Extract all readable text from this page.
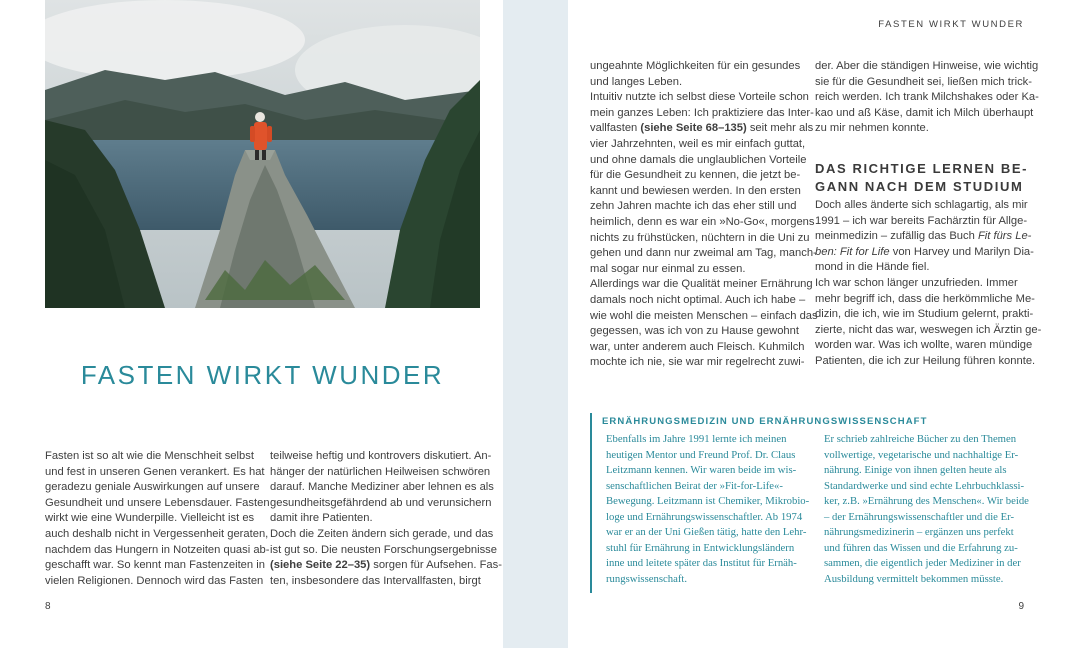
FASTEN WIRKT WUNDER
Fasten ist so alt wie die Menschheit selbst
und fest in unseren Genen verankert. Es hat
geradezu geniale Auswirkungen auf unsere
Gesundheit und unsere Lebensdauer. Fasten
wirkt wie eine Wunderpille. Vielleicht ist es
auch deshalb nicht in Vergessenheit geraten,
nachdem das Hungern in Notzeiten quasi ab-
geschafft war. So kennt man Fastenzeiten in
vielen Religionen. Dennoch wird das Fasten
teilweise heftig und kontrovers diskutiert. An-
hänger der natürlichen Heilweisen schwören
darauf. Manche Mediziner aber lehnen es als
gesundheitsgefährdend ab und verunsichern
damit ihre Patienten.
Doch die Zeiten ändern sich gerade, und das
ist gut so. Die neusten Forschungsergebnisse
(siehe Seite 22–35) sorgen für Aufsehen. Fas-
ten, insbesondere das Intervallfasten, birgt
8
FASTEN WIRKT WUNDER
ungeahnte Möglichkeiten für ein gesundes
und langes Leben.
Intuitiv nutzte ich selbst diese Vorteile schon
mein ganzes Leben: Ich praktiziere das Inter-
vallfasten (siehe Seite 68–135) seit mehr als
vier Jahrzehnten, weil es mir einfach guttat,
und ohne damals die unglaublichen Vorteile
für die Gesundheit zu kennen, die jetzt be-
kannt und bewiesen werden. In den ersten
zehn Jahren machte ich das eher still und
heimlich, denn es war ein »No-Go«, morgens
nichts zu frühstücken, nüchtern in die Uni zu
gehen und dann nur zweimal am Tag, manch-
mal sogar nur einmal zu essen.
Allerdings war die Qualität meiner Ernährung
damals noch nicht optimal. Auch ich habe –
wie wohl die meisten Menschen – einfach das
gegessen, was ich von zu Hause gewohnt
war, unter anderem auch Fleisch. Kuhmilch
mochte ich nie, sie war mir regelrecht zuwi-
der. Aber die ständigen Hinweise, wie wichtig
sie für die Gesundheit sei, ließen mich trick-
reich werden. Ich trank Milchshakes oder Ka-
kao und aß Käse, damit ich Milch überhaupt
zu mir nehmen konnte.
DAS RICHTIGE LERNEN BE-
GANN NACH DEM STUDIUM
Doch alles änderte sich schlagartig, als mir
1991 – ich war bereits Fachärztin für Allge-
meinmedizin – zufällig das Buch Fit fürs Le-
ben: Fit for Life von Harvey und Marilyn Dia-
mond in die Hände fiel.
Ich war schon länger unzufrieden. Immer
mehr begriff ich, dass die herkömmliche Me-
dizin, die ich, wie im Studium gelernt, prakti-
zierte, nicht das war, weswegen ich Ärztin ge-
worden war. Was ich wollte, waren mündige
Patienten, die ich zur Heilung führen konnte.
ERNÄHRUNGSMEDIZIN UND ERNÄHRUNGSWISSENSCHAFT
Ebenfalls im Jahre 1991 lernte ich meinen
heutigen Mentor und Freund Prof. Dr. Claus
Leitzmann kennen. Wir waren beide im wis-
senschaftlichen Beirat der »Fit-for-Life«-
Bewegung. Leitzmann ist Chemiker, Mikrobio-
loge und Ernährungswissenschaftler. Ab 1974
war er an der Uni Gießen tätig, hatte den Lehr-
stuhl für Ernährung in Entwicklungsländern
inne und leitete später das Institut für Ernäh-
rungswissenschaft.
Er schrieb zahlreiche Bücher zu den Themen
vollwertige, vegetarische und nachhaltige Er-
nährung. Einige von ihnen gelten heute als
Standardwerke und sind echte Lehrbuchklassi-
ker, z.B. »Ernährung des Menschen«. Wir beide
– der Ernährungswissenschaftler und die Er-
nährungsmedizinerin – ergänzen uns perfekt
und führen das Wissen und die Erfahrung zu-
sammen, die eigentlich jeder Mediziner in der
Ausbildung vermittelt bekommen müsste.
9
